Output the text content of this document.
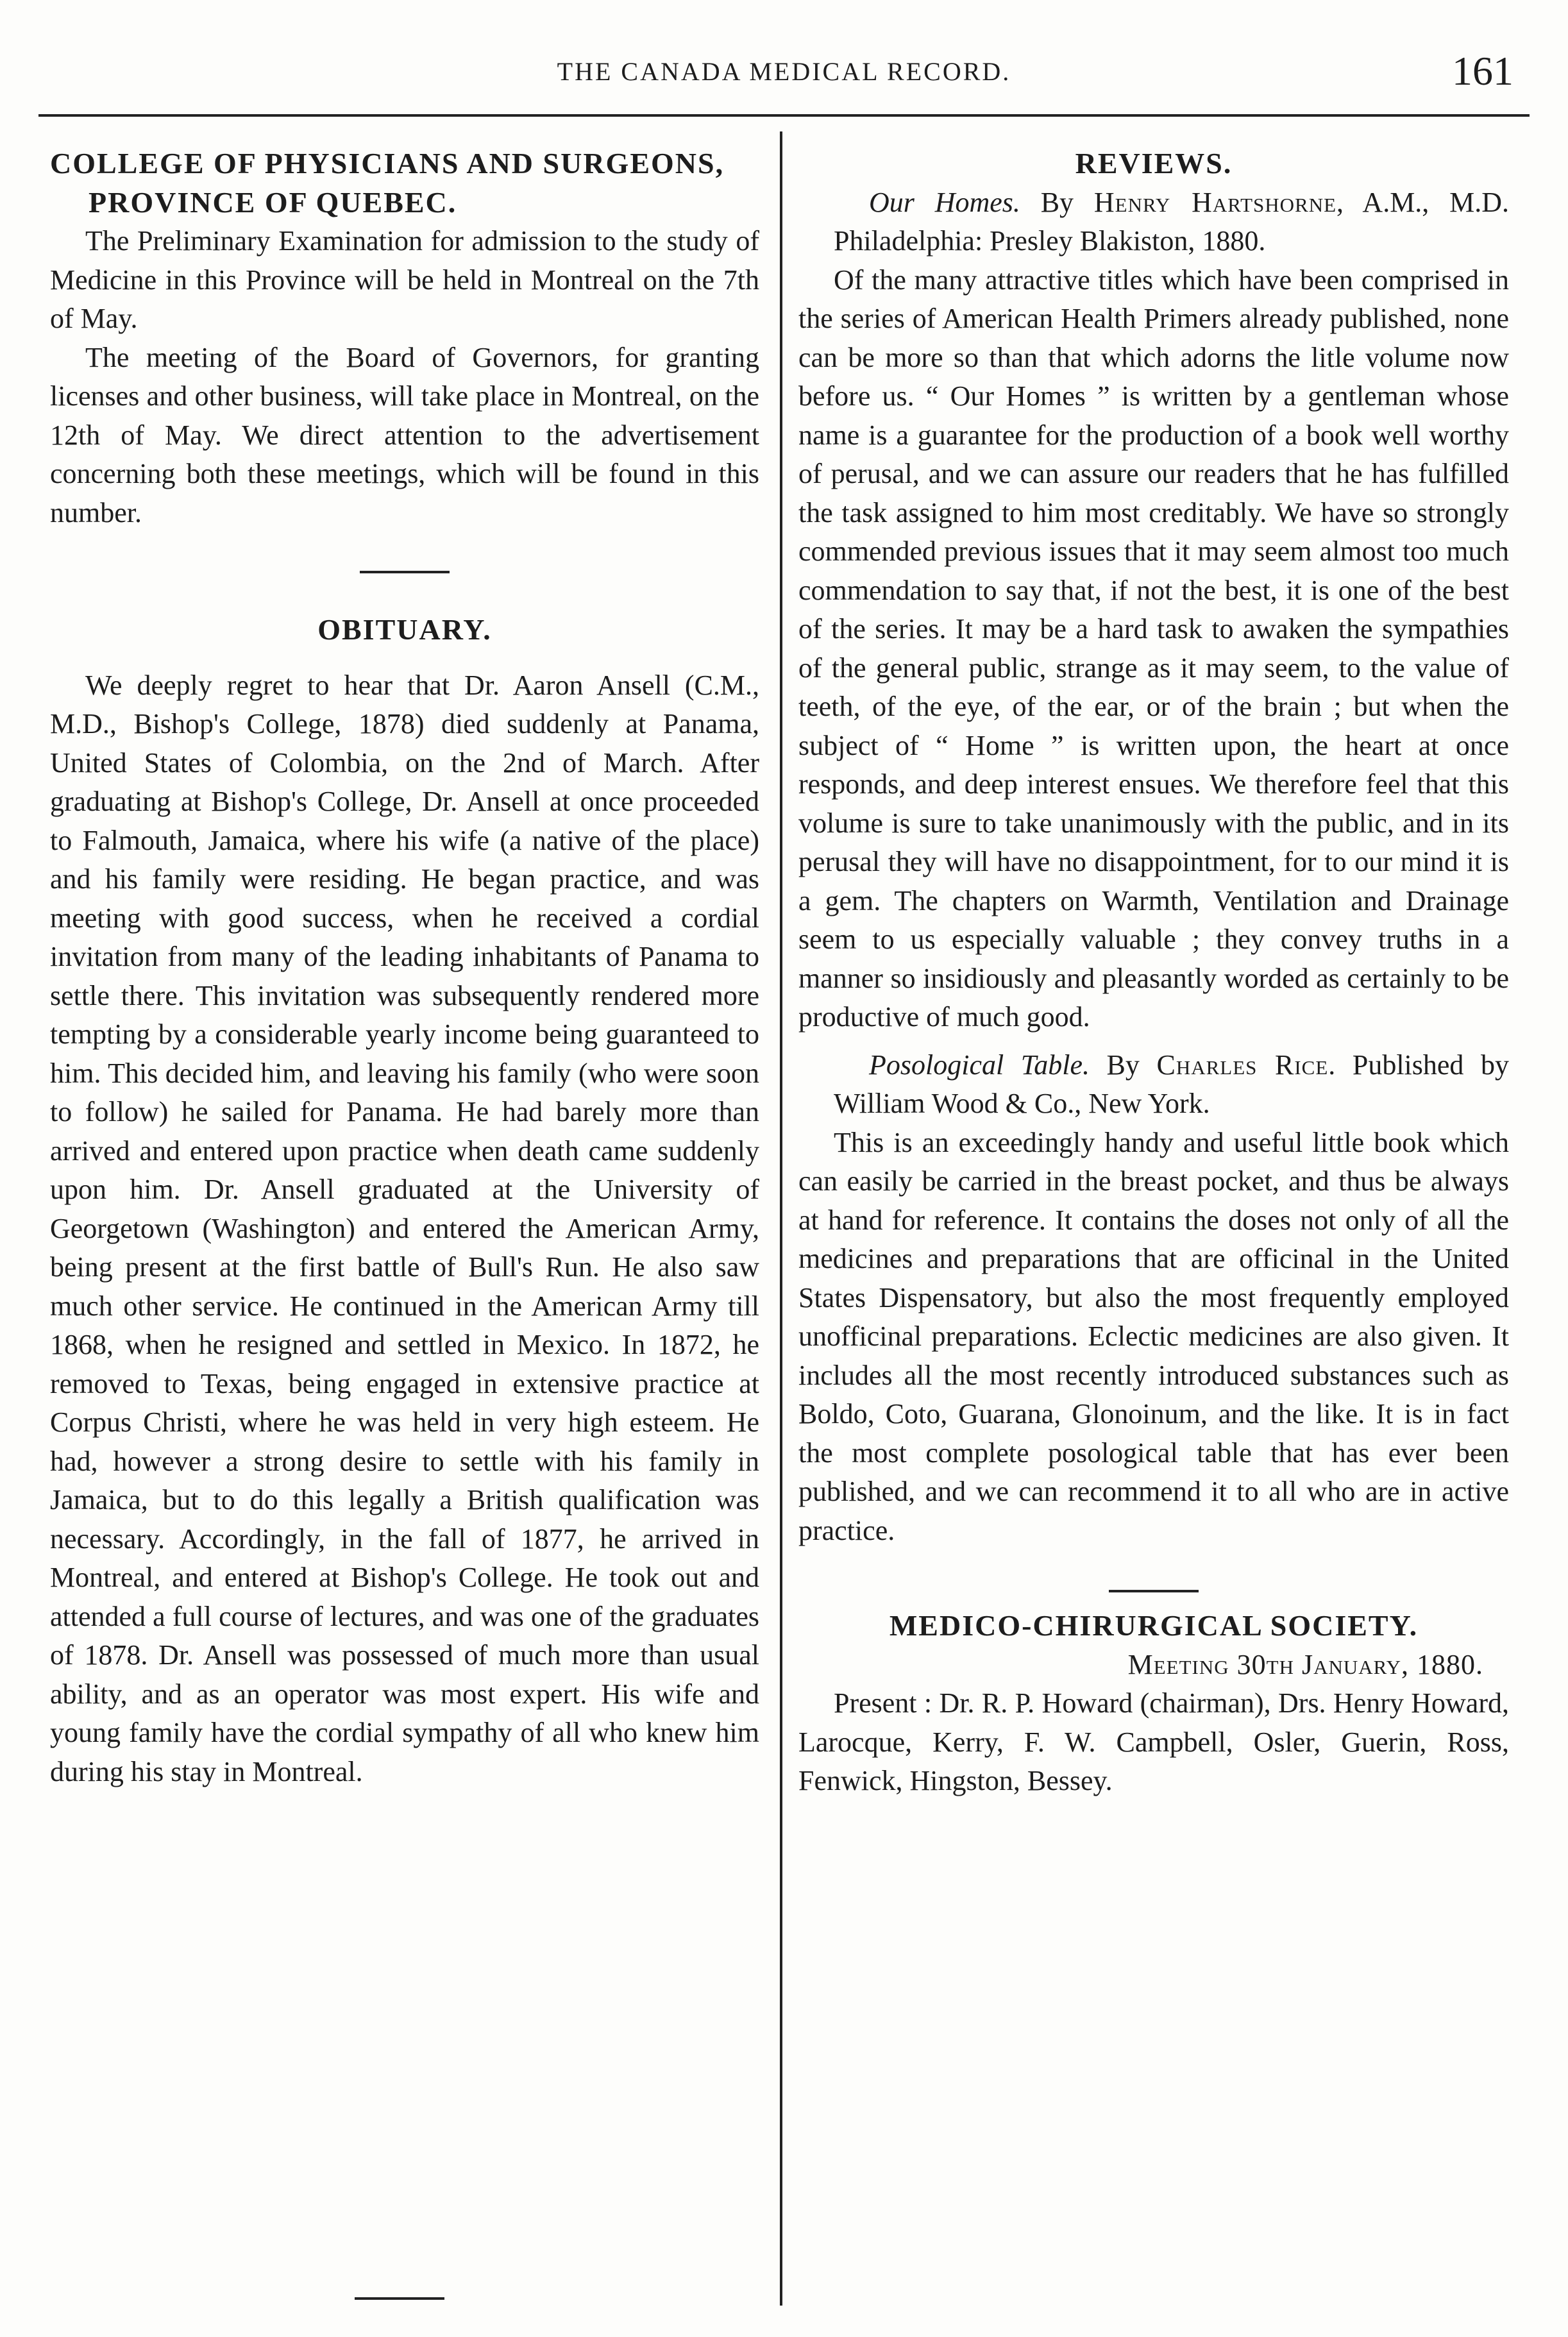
THE CANADA MEDICAL RECORD.	161
COLLEGE OF PHYSICIANS AND SURGEONS, PROVINCE OF QUEBEC.

The Preliminary Examination for admission to the study of Medicine in this Province will be held in Montreal on the 7th of May.

The meeting of the Board of Governors, for granting licenses and other business, will take place in Montreal, on the 12th of May. We direct attention to the advertisement concerning both these meetings, which will be found in this number.

OBITUARY.

We deeply regret to hear that Dr. Aaron Ansell (C.M., M.D., Bishop's College, 1878) died suddenly at Panama, United States of Colombia, on the 2nd of March. After graduating at Bishop's College, Dr. Ansell at once proceeded to Falmouth, Jamaica, where his wife (a native of the place) and his family were residing. He began practice, and was meeting with good success, when he received a cordial invitation from many of the leading inhabitants of Panama to settle there. This invitation was subsequently rendered more tempting by a considerable yearly income being guaranteed to him. This decided him, and leaving his family (who were soon to follow) he sailed for Panama. He had barely more than arrived and entered upon practice when death came suddenly upon him. Dr. Ansell graduated at the University of Georgetown (Washington) and entered the American Army, being present at the first battle of Bull's Run. He also saw much other service. He continued in the American Army till 1868, when he resigned and settled in Mexico. In 1872, he removed to Texas, being engaged in extensive practice at Corpus Christi, where he was held in very high esteem. He had, however a strong desire to settle with his family in Jamaica, but to do this legally a British qualification was necessary. Accordingly, in the fall of 1877, he arrived in Montreal, and entered at Bishop's College. He took out and attended a full course of lectures, and was one of the graduates of 1878. Dr. Ansell was possessed of much more than usual ability, and as an operator was most expert. His wife and young family have the cordial sympathy of all who knew him during his stay in Montreal.

REVIEWS.

Our Homes. By Henry Hartshorne, A.M., M.D. Philadelphia: Presley Blakiston, 1880.

Of the many attractive titles which have been comprised in the series of American Health Primers already published, none can be more so than that which adorns the litle volume now before us. “ Our Homes ” is written by a gentleman whose name is a guarantee for the production of a book well worthy of perusal, and we can assure our readers that he has fulfilled the task assigned to him most creditably. We have so strongly commended previous issues that it may seem almost too much commendation to say that, if not the best, it is one of the best of the series. It may be a hard task to awaken the sympathies of the general public, strange as it may seem, to the value of teeth, of the eye, of the ear, or of the brain ; but when the subject of “ Home ” is written upon, the heart at once responds, and deep interest ensues. We therefore feel that this volume is sure to take unanimously with the public, and in its perusal they will have no disappointment, for to our mind it is a gem. The chapters on Warmth, Ventilation and Drainage seem to us especially valuable ; they convey truths in a manner so insidiously and pleasantly worded as certainly to be productive of much good.

Posological Table. By Charles Rice. Published by William Wood & Co., New York.

This is an exceedingly handy and useful little book which can easily be carried in the breast pocket, and thus be always at hand for reference. It contains the doses not only of all the medicines and preparations that are officinal in the United States Dispensatory, but also the most frequently employed unofficinal preparations. Eclectic medicines are also given. It includes all the most recently introduced substances such as Boldo, Coto, Guarana, Glonoinum, and the like. It is in fact the most complete posological table that has ever been published, and we can recommend it to all who are in active practice.

MEDICO-CHIRURGICAL SOCIETY.

Meeting 30th January, 1880.

Present : Dr. R. P. Howard (chairman), Drs. Henry Howard, Larocque, Kerry, F. W. Campbell, Osler, Guerin, Ross, Fenwick, Hingston, Bessey.
